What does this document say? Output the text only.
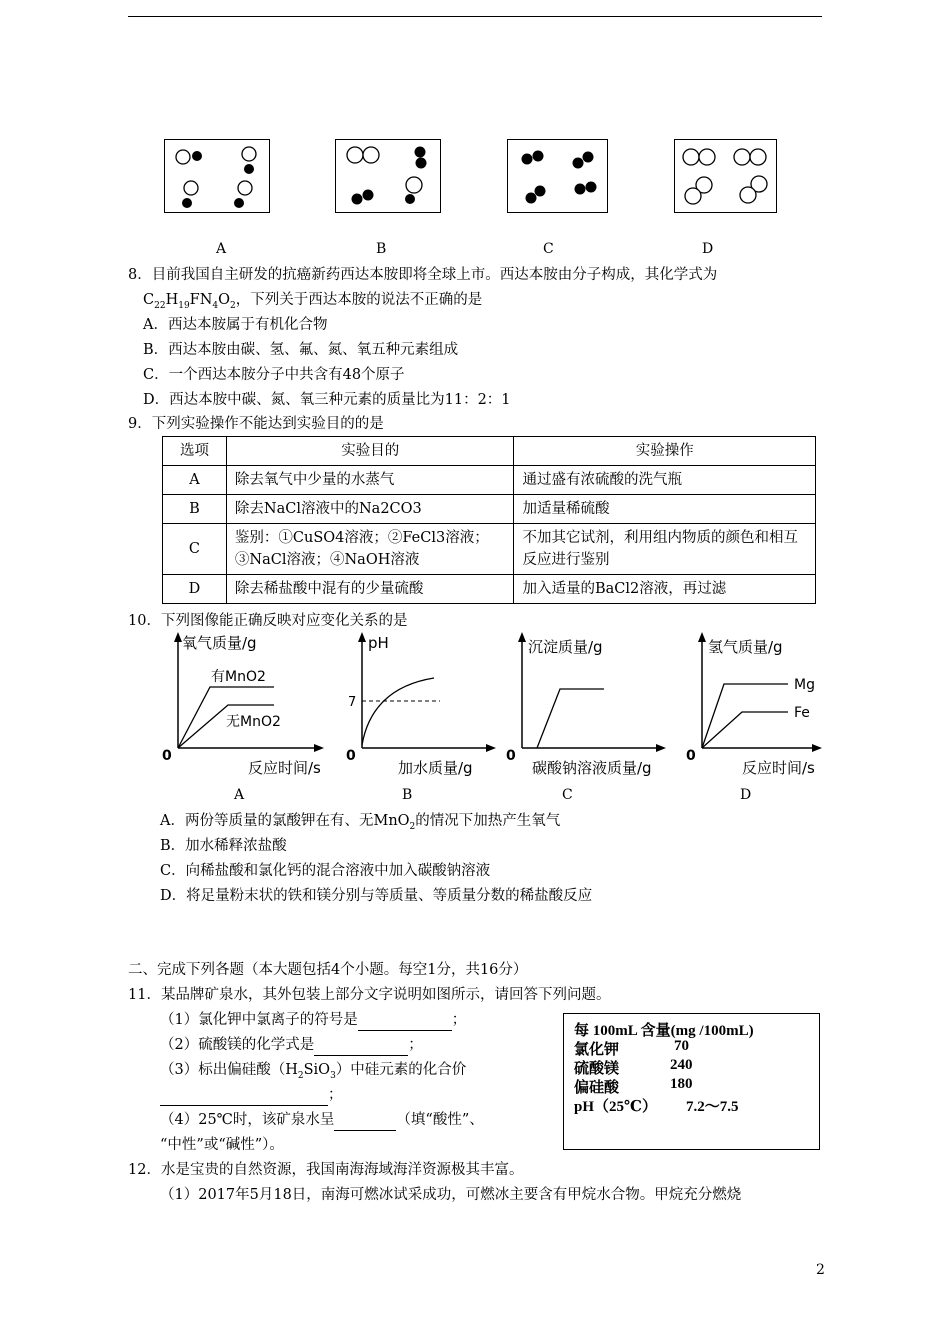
A	B	C	D
8．目前我国自主研发的抗癌新药西达本胺即将全球上市。西达本胺由分子构成，其化学式为
$C_{22}H_{19}FN_4O_2$，下列关于西达本胺的说法不正确的是
A．西达本胺属于有机化合物
B．西达本胺由碳、氢、氟、氮、氧五种元素组成
C．一个西达本胺分子中共含有48个原子
D．西达本胺中碳、氮、氧三种元素的质量比为11：2：1
9．下列实验操作不能达到实验目的的是
选项	实验目的	实验操作
A	除去氧气中少量的水蒸气	通过盛有浓硫酸的洗气瓶
B	除去NaCl溶液中的Na2CO3	加适量稀硫酸
C	鉴别：①CuSO4溶液；②FeCl3溶液；③NaCl溶液；④NaOH溶液	不加其它试剂，利用组内物质的颜色和相互反应进行鉴别
D	除去稀盐酸中混有的少量硫酸	加入适量的BaCl2溶液，再过滤
10．下列图像能正确反映对应变化关系的是
氧气质量/g
有MnO2
无MnO2
0
反应时间/s
pH
7
0
加水质量/g
沉淀质量/g
0
碳酸钠溶液质量/g
氢气质量/g
Mg
Fe
0
反应时间/s
A	B	C	D
A．两份等质量的氯酸钾在有、无MnO$_2$的情况下加热产生氧气
B．加水稀释浓盐酸
C．向稀盐酸和氯化钙的混合溶液中加入碳酸钠溶液
D．将足量粉末状的铁和镁分别与等质量、等质量分数的稀盐酸反应
二、完成下列各题（本大题包括4个小题。每空1分，共16分）
11．某品牌矿泉水，其外包装上部分文字说明如图所示，请回答下列问题。
（1）氯化钾中氯离子的符号是	；
（2）硫酸镁的化学式是	；
（3）标出偏硅酸$(H_2SiO_3)$中硅元素的化合价
；
（4）25℃时，该矿泉水呈	（填“酸性”、
“中性”或“碱性”）。
每 100mL 含量(mg /100mL)
氯化钾	70
硫酸镁	240
偏硅酸	180
pH（25℃） 7.2～7.5
12．水是宝贵的自然资源，我国南海海域海洋资源极其丰富。
（1）2017年5月18日，南海可燃冰试采成功，可燃冰主要含有甲烷水合物。甲烷充分燃烧
2
